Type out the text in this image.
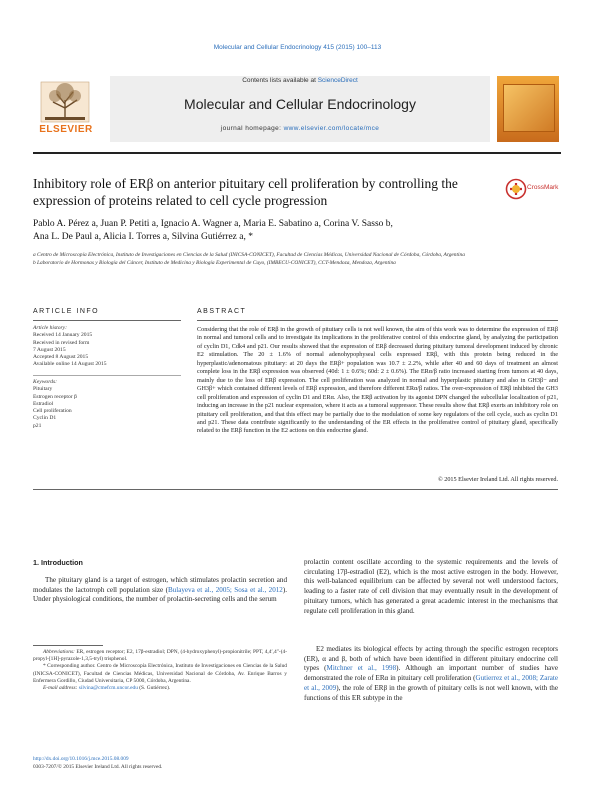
Molecular and Cellular Endocrinology 415 (2015) 100–113
ELSEVIER
Contents lists available at ScienceDirect
Molecular and Cellular Endocrinology
journal homepage: www.elsevier.com/locate/mce
Inhibitory role of ERβ on anterior pituitary cell proliferation by controlling the expression of proteins related to cell cycle progression
CrossMark
Pablo A. Pérez a, Juan P. Petiti a, Ignacio A. Wagner a, Maria E. Sabatino a, Corina V. Sasso b,
Ana L. De Paul a, Alicia I. Torres a, Silvina Gutiérrez a, *
a Centro de Microscopía Electrónica, Instituto de Investigaciones en Ciencias de la Salud (INICSA-CONICET), Facultad de Ciencias Médicas, Universidad Nacional de Córdoba, Córdoba, Argentina
b Laboratorio de Hormonas y Biología del Cáncer, Instituto de Medicina y Biología Experimental de Cuyo, (IMBECU-CONICET), CCT-Mendoza, Mendoza, Argentina
ARTICLE INFO	ABSTRACT
Article history:
Received 14 January 2015
Received in revised form
7 August 2015
Accepted 8 August 2015
Available online 14 August 2015
Keywords:
Pituitary
Estrogen receptor β
Estradiol
Cell proliferation
Cyclin D1
p21
Considering that the role of ERβ in the growth of pituitary cells is not well known, the aim of this work was to determine the expression of ERβ in normal and tumoral cells and to investigate its implications in the proliferative control of this endocrine gland, by analyzing the participation of cyclin D1, Cdk4 and p21. Our results showed that the expression of ERβ decreased during pituitary tumoral development induced by chronic E2 stimulation. The 20 ± 1.6% of normal adenohypophyseal cells expressed ERβ, with this protein being reduced in the hyperplastic/adenomatous pituitary: at 20 days the ERβ+ population was 10.7 ± 2.2%, while after 40 and 60 days of treatment an almost complete loss in the ERβ expression was observed (40d: 1 ± 0.6%; 60d: 2 ± 0.6%). The ERα/β ratio increased starting from tumors at 40 days, mainly due to the loss of ERβ expression. The cell proliferation was analyzed in normal and hyperplastic pituitary and also in GH3β− and GH3β+ which contained different levels of ERβ expression, and therefore different ERα/β ratios. The over-expression of ERβ inhibited the GH3 cell proliferation and expression of cyclin D1 and ERα. Also, the ERβ activation by its agonist DPN changed the subcellular localization of p21, inducing an increase in the p21 nuclear expression, where it acts as a tumoral suppressor. These results show that ERβ exerts an inhibitory role on pituitary cell proliferation, and that this effect may be partially due to the modulation of some key regulators of the cell cycle, such as cyclin D1 and p21. These data contribute significantly to the understanding of the ER effects in the proliferative control of pituitary gland, specifically related to the ERβ function in the E2 actions on this endocrine gland.
© 2015 Elsevier Ireland Ltd. All rights reserved.
1. Introduction
The pituitary gland is a target of estrogen, which stimulates prolactin secretion and modulates the lactotroph cell population size (Bulayeva et al., 2005; Sosa et al., 2012). Under physiological conditions, the number of prolactin-secreting cells and the serum
Abbreviations: ER, estrogen receptor; E2, 17β-estradiol; DPN, (4-hydroxyphenyl)-propionitrile; PPT, 4,4′,4″-(4-propyl-[1H]-pyrazole-1,3,5-tryl) trisphenol.
* Corresponding author. Centro de Microscopía Electrónica, Instituto de Investigaciones en Ciencias de la Salud (INICSA-CONICET), Facultad de Ciencias Médicas, Universidad Nacional de Córdoba, Av. Enrique Barros y Enfermera Gordillo, Ciudad Universitaria, CP 5000, Córdoba, Argentina.
E-mail address: silvina@cmefcm.uncor.edu (S. Gutiérrez).
prolactin content oscillate according to the systemic requirements and the levels of circulating 17β-estradiol (E2), which is the most active estrogen in the body. However, this well-balanced equilibrium can be affected by several not well understood factors, leading to a faster rate of cell division that may eventually result in the development of pituitary tumors, which has generated a great academic interest in the mechanisms that regulate cell proliferation in this gland.
E2 mediates its biological effects by acting through the specific estrogen receptors (ER), α and β, both of which have been identified in different pituitary endocrine cell types (Mitchner et al., 1998). Although an important number of studies have demonstrated the role of ERα in pituitary cell proliferation (Gutierrez et al., 2008; Zarate et al., 2009), the role of ERβ in the growth of pituitary cells is not well known, with the functions of this ER subtype in the
http://dx.doi.org/10.1016/j.mce.2015.08.009
0303-7207/© 2015 Elsevier Ireland Ltd. All rights reserved.
